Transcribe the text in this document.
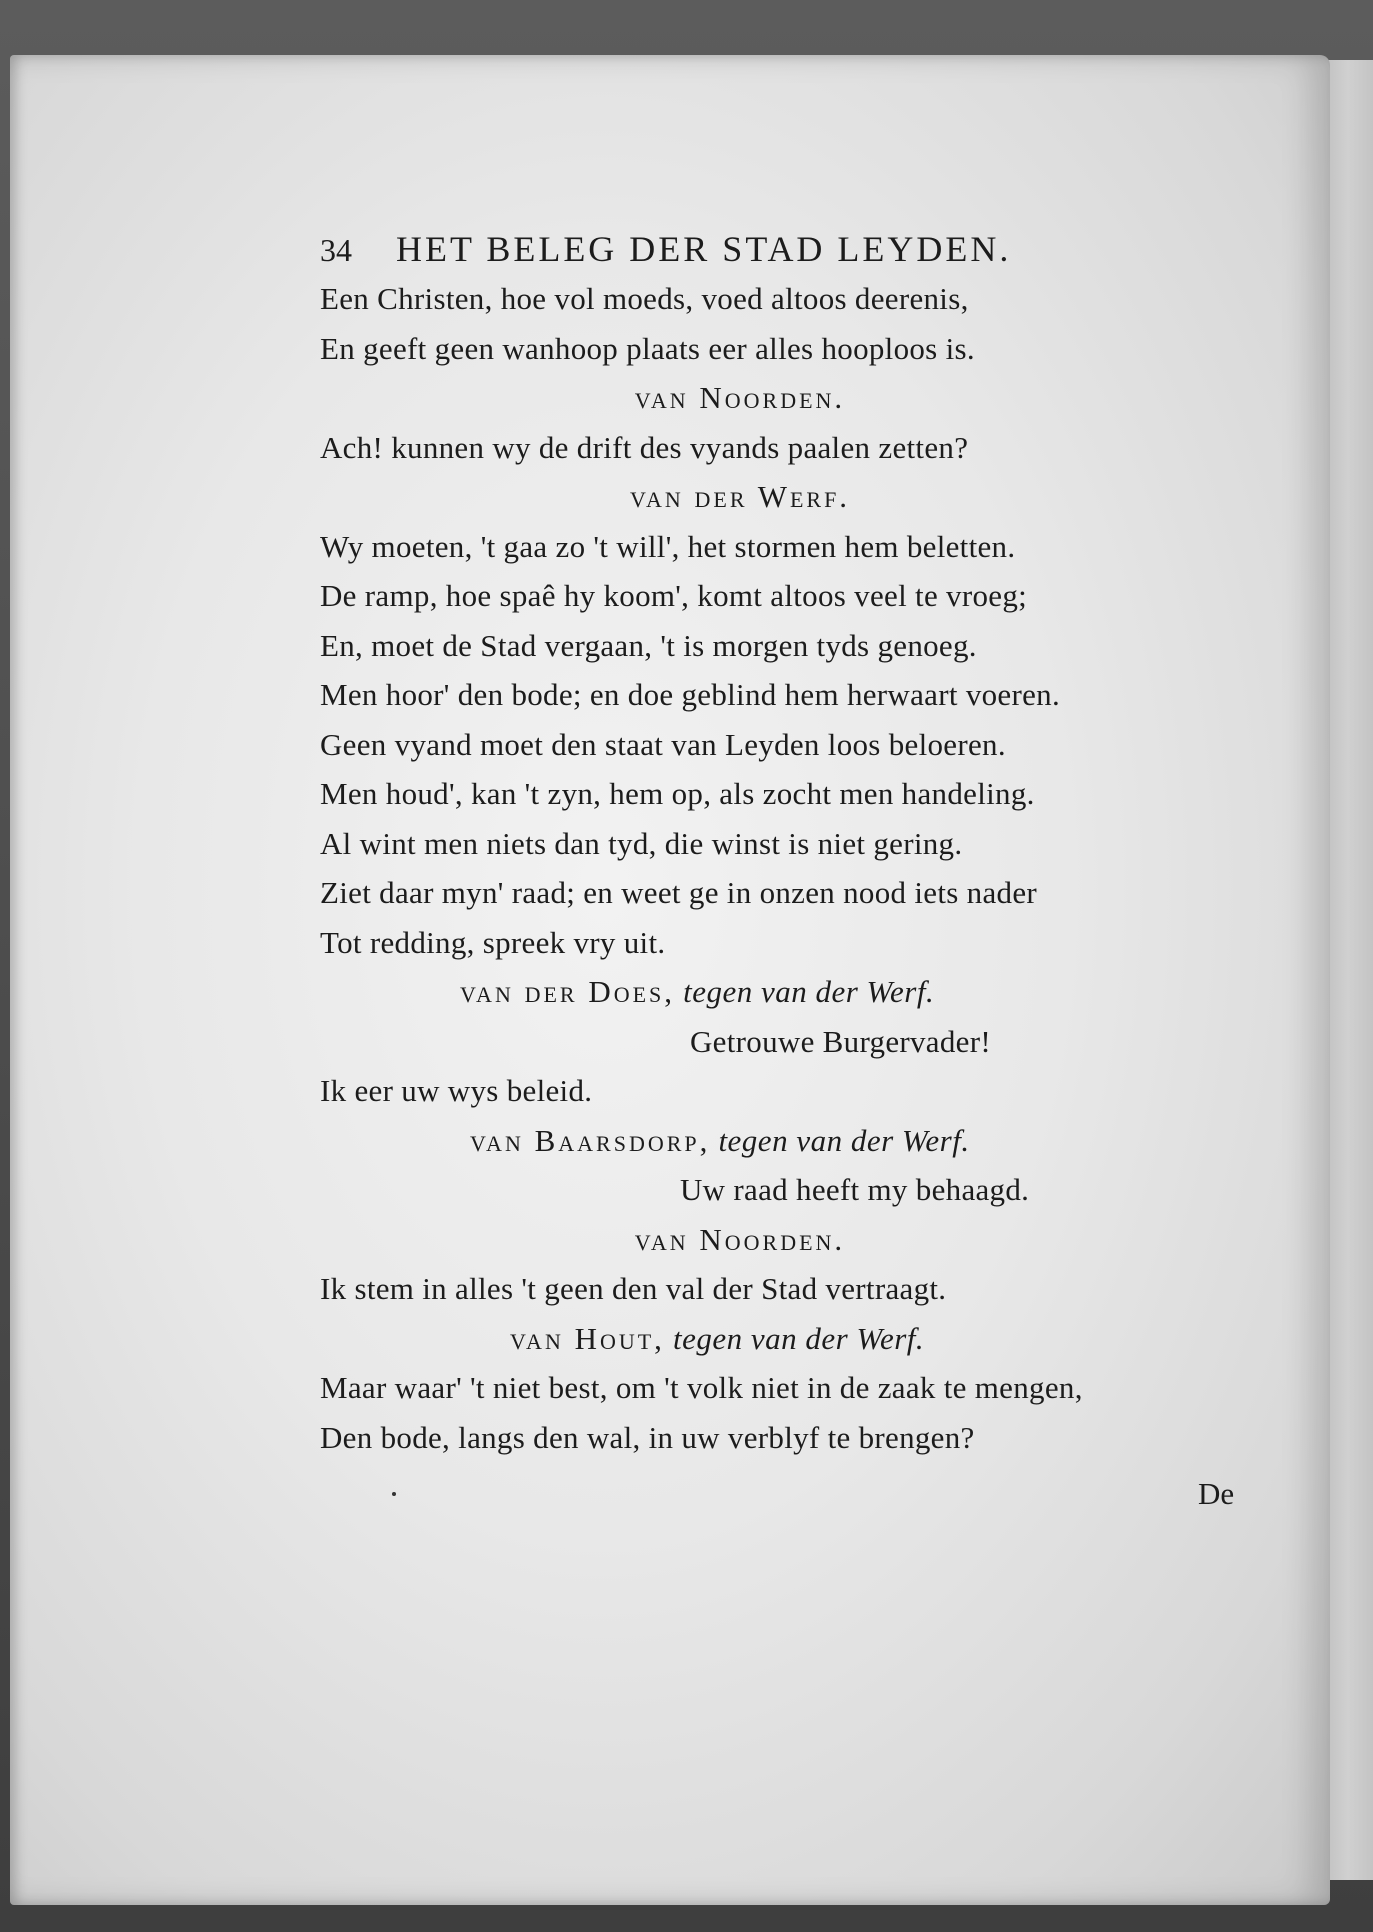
34 HET BELEG DER STAD LEYDEN.
Een Christen, hoe vol moeds, voed altoos deerenis,
En geeft geen wanhoop plaats eer alles hooploos is.
van Noorden.
Ach! kunnen wy de drift des vyands paalen zetten?
van der Werf.
Wy moeten, 't gaa zo 't will', het stormen hem beletten.
De ramp, hoe spaê hy koom', komt altoos veel te vroeg;
En, moet de Stad vergaan, 't is morgen tyds genoeg.
Men hoor' den bode; en doe geblind hem herwaart voeren.
Geen vyand moet den staat van Leyden loos beloeren.
Men houd', kan 't zyn, hem op, als zocht men handeling.
Al wint men niets dan tyd, die winst is niet gering.
Ziet daar myn' raad; en weet ge in onzen nood iets nader
Tot redding, spreek vry uit.
van der Does, tegen van der Werf.
Getrouwe Burgervader!
Ik eer uw wys beleid.
van Baarsdorp, tegen van der Werf.
Uw raad heeft my behaagd.
van Noorden.
Ik stem in alles 't geen den val der Stad vertraagt.
van Hout, tegen van der Werf.
Maar waar' 't niet best, om 't volk niet in de zaak te mengen,
Den bode, langs den wal, in uw verblyf te brengen?
De
